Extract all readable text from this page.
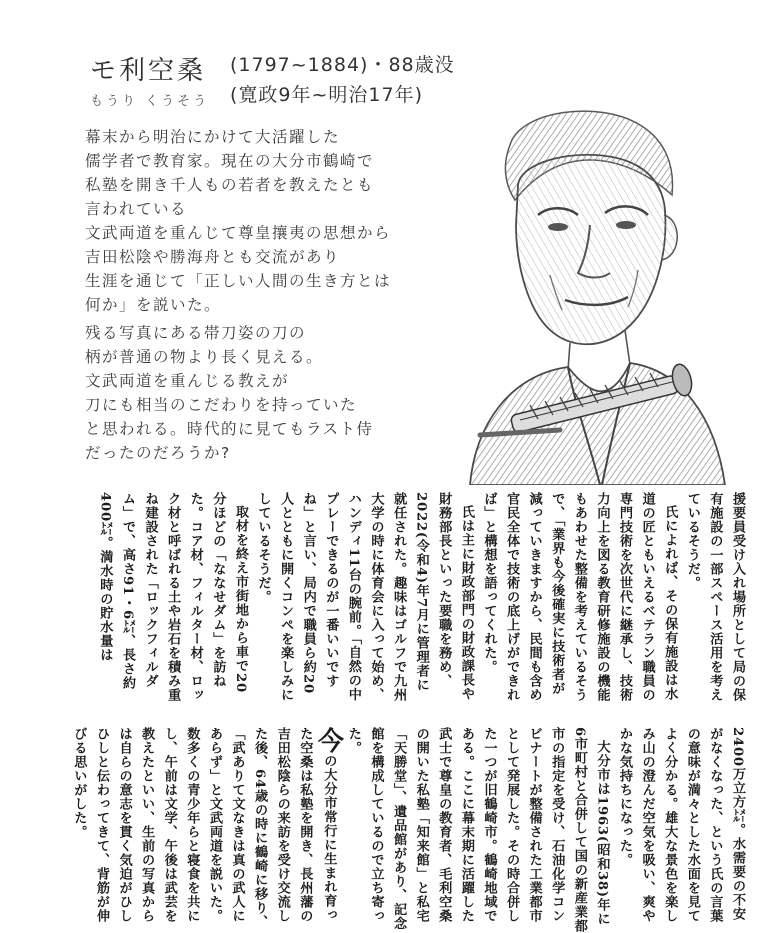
モ利空桑
もうり くうそう
(1797~1884)・88歳没
(寛政9年~明治17年)
幕末から明治にかけて大活躍した
儒学者で教育家。現在の大分市鶴崎で
私塾を開き千人もの若者を教えたとも
言われている
文武両道を重んじて尊皇攘夷の思想から
吉田松陰や勝海舟とも交流があり
生涯を通じて「正しい人間の生き方とは
何か」を説いた。
残る写真にある帯刀姿の刀の
柄が普通の物より長く見える。
文武両道を重んじる教えが
刀にも相当のこだわりを持っていた
と思われる。時代的に見てもラスト侍
だったのだろうか?

援要員受け入れ場所として局の保有施設の一部スペース活用を考えているそうだ。

氏によれば、その保有施設は水道の匠ともいえるベテラン職員の専門技術を次世代に継承し、技術力向上を図る教育研修施設の機能もあわせた整備を考えているそうで、「業界も今後確実に技術者が減っていきますから、民間も含め官民全体で技術の底上げができれば」と構想を語ってくれた。

氏は主に財政部門の財政課長や財務部長といった要職を務め、2022(令和4)年7月に管理者に就任された。趣味はゴルフで九州大学の時に体育会に入って始め、ハンディ11台の腕前。「自然の中プレーできるのが一番いいですね」と言い、局内で職員ら約20人とともに開くコンペを楽しみにしているそうだ。

取材を終え市街地から車で20分ほどの「ななせダム」を訪ねた。コア材、フィルター材、ロック材と呼ばれる土や岩石を積み重ね建設された「ロックフィルダム」で、高さ91・6㍍、長さ約400㍍。満水時の貯水量は

2400万立方㍍。水需要の不安がなくなった、という氏の言葉の意味が満々とした水面を見てよく分かる。雄大な景色を楽しみ山の澄んだ空気を吸い、爽やかな気持ちになった。

大分市は1963(昭和38)年に6市町村と合併して国の新産業都市の指定を受け、石油化学コンビナートが整備された工業都市として発展した。その時合併した一つが旧鶴崎市。鶴崎地域である。ここに幕末期に活躍した武士で尊皇の教育者、毛利空桑の開いた私塾「知来館」と私宅「天勝堂」、遺品館があり、記念館を構成しているので立ち寄った。

今の大分市常行に生まれ育った空桑は私塾を開き、長州藩の吉田松陰らの来訪を受け交流した後、64歳の時に鶴崎に移り、「武ありて文なきは真の武人にあらず」と文武両道を説いた。数多くの青少年らと寝食を共にし、午前は文学、午後は武芸を教えたといい、生前の写真からは自らの意志を貫く気迫がひしひしと伝わってきて、背筋が伸びる思いがした。
